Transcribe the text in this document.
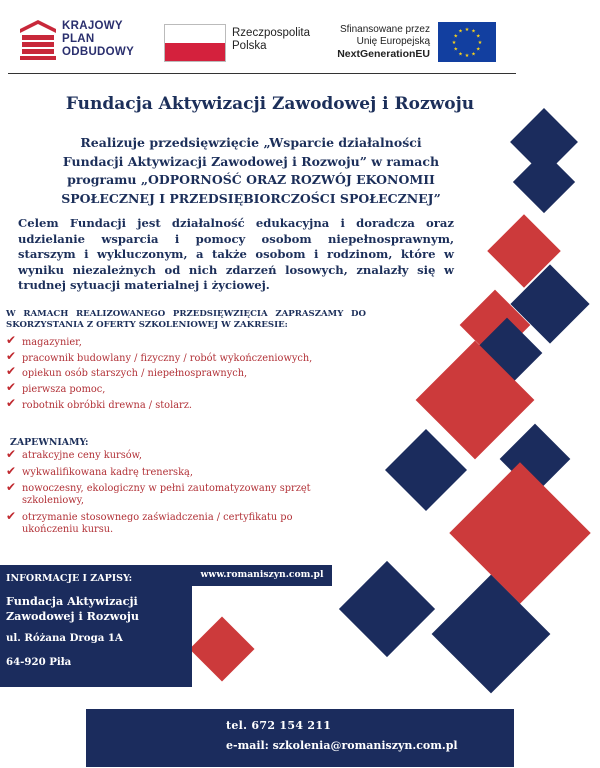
KRAJOWY
PLAN
ODBUDOWY
Rzeczpospolita
Polska
Sfinansowane przez
Unię Europejską
NextGenerationEU
★ ★
★
★
★
★
★
★
★
★
★
★
Fundacja Aktywizacji Zawodowej i Rozwoju
Realizuje przedsięwzięcie „Wsparcie działalności Fundacji Aktywizacji Zawodowej i Rozwoju” w ramach programu „ODPORNOŚĆ ORAZ ROZWÓJ EKONOMII SPOŁECZNEJ I PRZEDSIĘBIORCZOŚCI SPOŁECZNEJ”
Celem Fundacji jest działalność edukacyjna i doradcza oraz udzielanie wsparcia i pomocy osobom niepełnosprawnym, starszym i wykluczonym, a także osobom i rodzinom, które w wyniku niezależnych od nich zdarzeń losowych, znalazły się w trudnej sytuacji materialnej i życiowej.
W RAMACH REALIZOWANEGO PRZEDSIĘWZIĘCIA ZAPRASZAMY DO SKORZYSTANIA Z OFERTY SZKOLENIOWEJ W ZAKRESIE:
✔ magazynier,
✔ pracownik budowlany / fizyczny / robót wykończeniowych,
✔ opiekun osób starszych / niepełnosprawnych,
✔ pierwsza pomoc,
✔ robotnik obróbki drewna / stolarz.
ZAPEWNIAMY:
✔ atrakcyjne ceny kursów,
✔ wykwalifikowana kadrę trenerską,
✔ nowoczesny, ekologiczny w pełni zautomatyzowany sprzęt szkoleniowy,
✔ otrzymanie stosownego zaświadczenia / certyfikatu po ukończeniu kursu.
INFORMACJE I ZAPISY:
Fundacja Aktywizacji Zawodowej i Rozwoju
ul. Różana Droga 1A
64-920 Piła
www.romaniszyn.com.pl
tel. 672 154 211
e-mail: szkolenia@romaniszyn.com.pl
